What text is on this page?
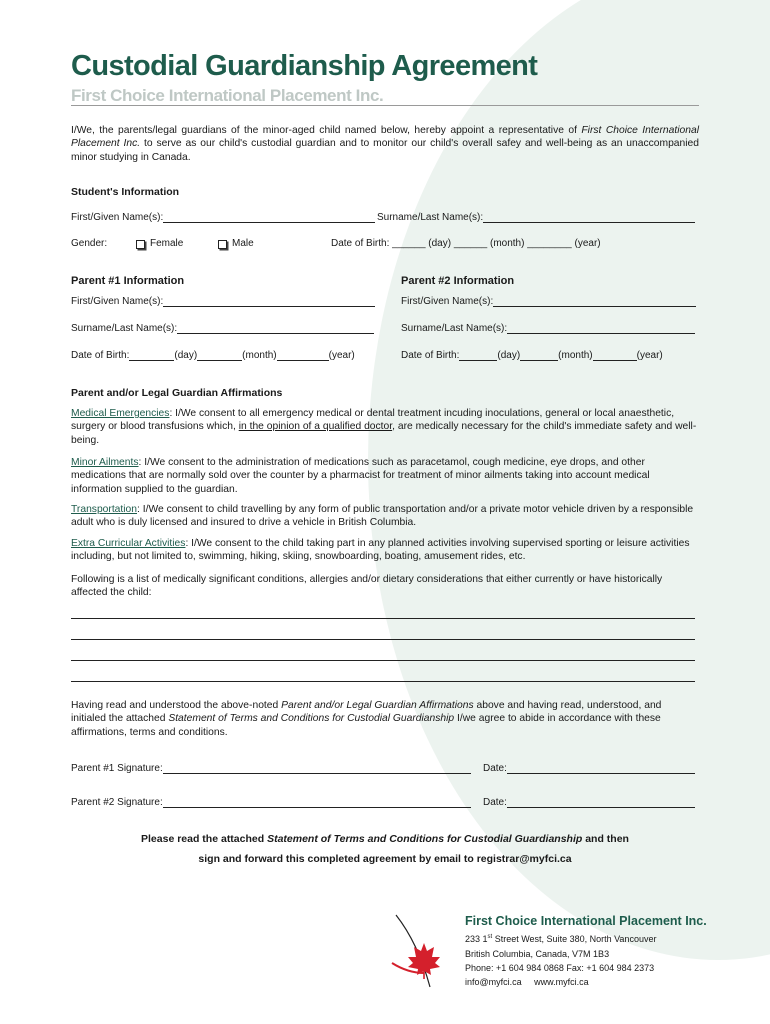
Custodial Guardianship Agreement
First Choice International Placement Inc.

I/We, the parents/legal guardians of the minor-aged child named below, hereby appoint a representative of First Choice International Placement Inc. to serve as our child's custodial guardian and to monitor our child's overall safey and well-being as an unaccompanied minor studying in Canada.

Student's Information
First/Given Name(s):	Surname/Last Name(s):
Gender:	Female	Male	Date of Birth: ______ (day) ______ (month) ________ (year)
Parent #1 Information	Parent #2 Information
First/Given Name(s):	First/Given Name(s):
Surname/Last Name(s):	Surname/Last Name(s):
Date of Birth:	(day)	(month)	(year)	Date of Birth:	(day)	(month)	(year)
Parent and/or Legal Guardian Affirmations

Medical Emergencies: I/We consent to all emergency medical or dental treatment incuding inoculations, general or local anaesthetic, surgery or blood transfusions which, in the opinion of a qualified doctor, are medically necessary for the child's immediate safety and well-being.

Minor Ailments: I/We consent to the administration of medications such as paracetamol, cough medicine, eye drops, and other medications that are normally sold over the counter by a pharmacist for treatment of minor ailments taking into account medical information supplied to the guardian.

Transportation: I/We consent to child travelling by any form of public transportation and/or a private motor vehicle driven by a responsible adult who is duly licensed and insured to drive a vehicle in British Columbia.

Extra Curricular Activities: I/We consent to the child taking part in any planned activities involving supervised sporting or leisure activities including, but not limited to, swimming, hiking, skiing, snowboarding, boating, amusement rides, etc.

Following is a list of medically significant conditions, allergies and/or dietary considerations that either currently or have historically affected the child:

Having read and understood the above-noted Parent and/or Legal Guardian Affirmations above and having read, understood, and initialed the attached Statement of Terms and Conditions for Custodial Guardianship I/we agree to abide in accordance with these affirmations, terms and conditions.

Parent #1 Signature:	Date:
Parent #2 Signature:	Date:
Please read the attached Statement of Terms and Conditions for Custodial Guardianship and then
sign and forward this completed agreement by email to registrar@myfci.ca
First Choice International Placement Inc.
233 1st Street West, Suite 380, North Vancouver
British Columbia, Canada, V7M 1B3
Phone: +1 604 984 0868 Fax: +1 604 984 2373
info@myfci.ca     www.myfci.ca
